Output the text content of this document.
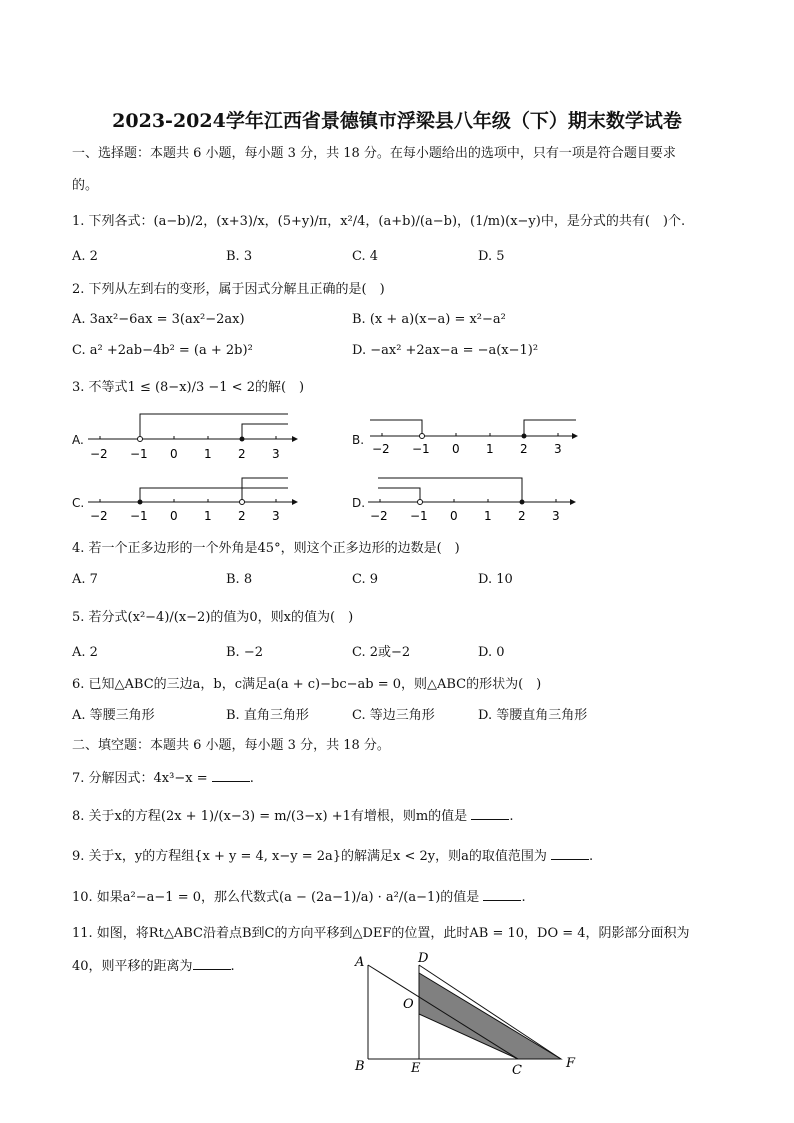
2023-2024学年江西省景德镇市浮梁县八年级（下）期末数学试卷
一、选择题：本题共 6 小题，每小题 3 分，共 18 分。在每小题给出的选项中，只有一项是符合题目要求
的。
1. 下列各式：(a−b)/2，(x+3)/x，(5+y)/π，x²/4，(a+b)/(a−b)，(1/m)(x−y)中，是分式的共有(　)个.
A. 2	B. 3	C. 4	D. 5
2. 下列从左到右的变形，属于因式分解且正确的是(　)
A. 3ax²−6ax = 3(ax²−2ax)	B. (x + a)(x−a) = x²−a²
C. a² +2ab−4b² = (a + 2b)²	D. −ax² +2ax−a = −a(x−1)²
3. 不等式1 ≤ (8−x)/3 −1 < 2的解(　)
A.
−2 −1 0 1 2 3
B.
−2 −1 0 1 2 3
C.
−2 −1 0 1 2 3
D.
−2 −1 0 1 2 3
4. 若一个正多边形的一个外角是45°，则这个正多边形的边数是(　)
A. 7	B. 8	C. 9	D. 10
5. 若分式(x²−4)/(x−2)的值为0，则x的值为(　)
A. 2	B. −2	C. 2或−2	D. 0
6. 已知△ABC的三边a，b，c满足a(a + c)−bc−ab = 0，则△ABC的形状为(　)
A. 等腰三角形	B. 直角三角形	C. 等边三角形	D. 等腰直角三角形
二、填空题：本题共 6 小题，每小题 3 分，共 18 分。
7. 分解因式：4x³−x =	.
8. 关于x的方程(2x + 1)/(x−3) = m/(3−x) +1有增根，则m的值是	.
9. 关于x，y的方程组{x + y = 4, x−y = 2a}的解满足x < 2y，则a的取值范围为	.
10. 如果a²−a−1 = 0，那么代数式(a − (2a−1)/a) · a²/(a−1)的值是	.
11. 如图，将Rt△ABC沿着点B到C的方向平移到△DEF的位置，此时AB = 10，DO = 4，阴影部分面积为
40，则平移的距离为	.	A	D
O
B	E	C	F
